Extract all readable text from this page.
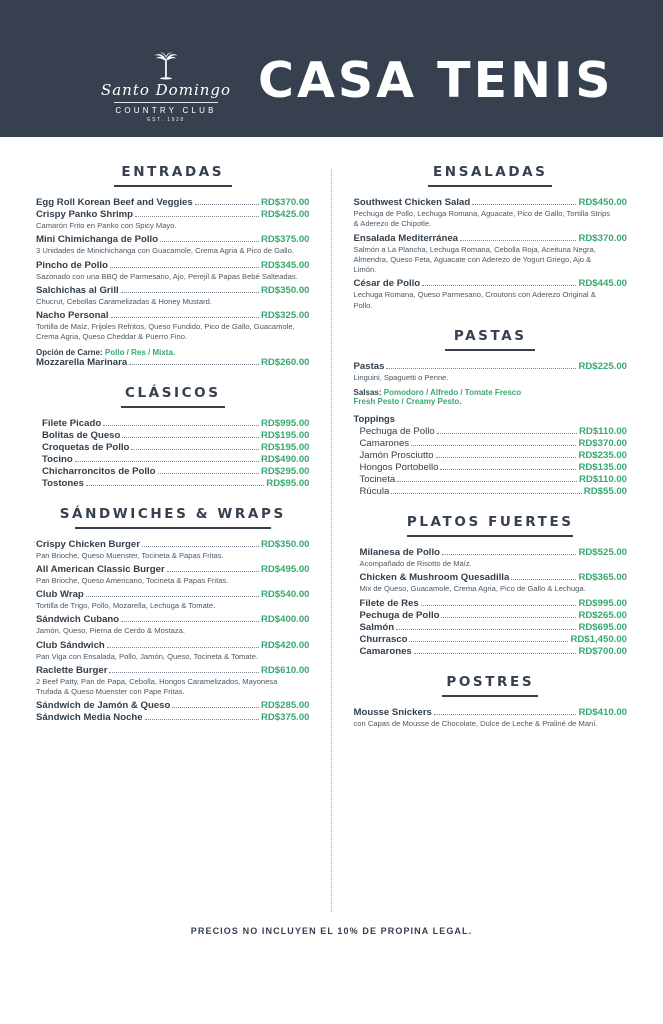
Santo Domingo
COUNTRY CLUB
EST. 1928
CASA TENIS
ENTRADAS
Egg Roll Korean Beef and Veggies	RD$370.00
Crispy Panko Shrimp	RD$425.00
Camarón Frito en Panko con Spicy Mayo.
Mini Chimichanga de Pollo	RD$375.00
3 Unidades de Minichichanga con Guacamole, Crema Agria & Pico de Gallo.
Pincho de Pollo	RD$345.00
Sazonado con una BBQ de Parmesano, Ajo, Perejil & Papas Bebé Salteadas.
Salchichas al Grill	RD$350.00
Chucrut, Cebollas Caramelizadas & Honey Mustard.
Nacho Personal	RD$325.00
Tortilla de Maíz, Frijoles Refritos, Queso Fundido, Pico de Gallo, Guacamole, Crema Agria, Queso Cheddar & Puerro Fino.
Opción de Carne: Pollo / Res / Mixta.
Mozzarella Marinara	RD$260.00
CLÁSICOS
Filete Picado	RD$995.00
Bolitas de Queso	RD$195.00
Croquetas de Pollo	RD$195.00
Tocino	RD$490.00
Chicharroncitos de Pollo	RD$295.00
Tostones	RD$95.00
SÁNDWICHES & WRAPS
Crispy Chicken Burger	RD$350.00
Pan Brioche, Queso Muenster, Tocineta & Papas Fritas.
All American Classic Burger	RD$495.00
Pan Brioche, Queso Americano, Tocineta & Papas Fritas.
Club Wrap	RD$540.00
Tortilla de Trigo, Pollo, Mozarella, Lechuga & Tomate.
Sándwich Cubano	RD$400.00
Jamón, Queso, Pierna de Cerdo & Mostaza.
Club Sándwich	RD$420.00
Pan Viga con Ensalada, Pollo, Jamón, Queso, Tocineta & Tomate.
Raclette Burger	RD$610.00
2 Beef Patty, Pan de Papa, Cebolla, Hongos Caramelizados, Mayonesa Trufada & Queso Muenster con Pape Fritas.
Sándwich de Jamón & Queso	RD$285.00
Sándwich Media Noche	RD$375.00
ENSALADAS
Southwest Chicken Salad	RD$450.00
Pechuga de Pollo, Lechuga Romana, Aguacate, Pico de Gallo, Tortilla Strips & Aderezo de Chipotle.
Ensalada Mediterránea	RD$370.00
Salmón a La Plancha, Lechuga Romana, Cebolla Roja, Aceituna Negra, Almendra, Queso Feta, Aguacate con Aderezo de Yogurt Griego, Ajo & Limón.
César de Pollo	RD$445.00
Lechuga Romana, Queso Parmesano, Croutons con Aderezo Original & Pollo.
PASTAS
Pastas	RD$225.00
Linguini, Spaguetti o Penne.
Salsas: Pomodoro / Alfredo / Tomate Fresco
Fresh Pesto / Creamy Pesto.
Toppings
Pechuga de Pollo	RD$110.00
Camarones	RD$370.00
Jamón Prosciutto	RD$235.00
Hongos Portobello	RD$135.00
Tocineta	RD$110.00
Rúcula	RD$55.00
PLATOS FUERTES
Milanesa de Pollo	RD$525.00
Acompañado de Risotto de Maíz.
Chicken & Mushroom Quesadilla	RD$365.00
Mix de Queso, Guacamole, Crema Agria, Pico de Gallo & Lechuga.
Filete de Res	RD$995.00
Pechuga de Pollo	RD$265.00
Salmón	RD$695.00
Churrasco	RD$1,450.00
Camarones	RD$700.00
POSTRES
Mousse Snickers	RD$410.00
con Capas de Mousse de Chocolate, Dulce de Leche & Praliné de Maní.
PRECIOS NO INCLUYEN EL 10% DE PROPINA LEGAL.
